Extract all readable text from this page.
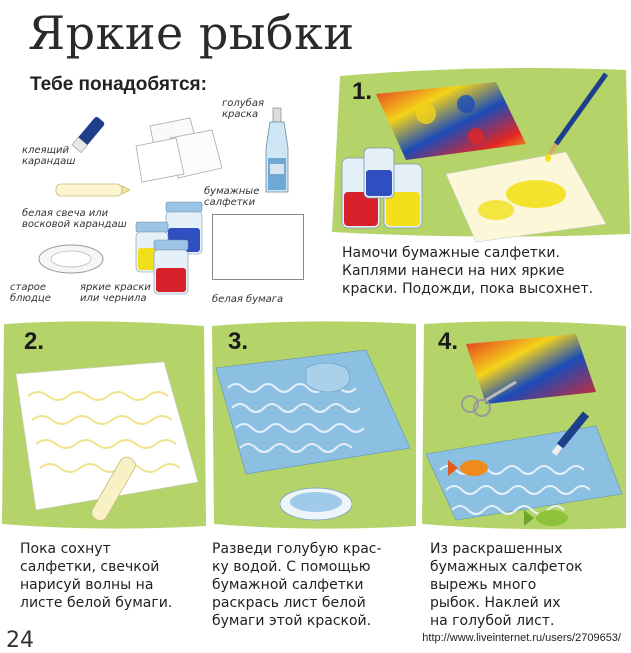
Яркие рыбки
Тебе понадобятся:
клеящий
карандаш
голубая
краска
бумажные
салфетки
белая свеча или
восковой карандаш
старое
блюдце
яркие краски
или чернила	белая бумага
1.
Намочи бумажные салфетки.
Каплями нанеси на них яркие
краски. Подожди, пока высохнет.
2.
Пока сохнут
салфетки, свечкой
нарисуй волны на
листе белой бумаги.
3.
Разведи голубую крас-
ку водой. С помощью
бумажной салфетки
раскрась лист белой
бумаги этой краской.
4.
Из раскрашенных
бумажных салфеток
вырежь много
рыбок. Наклей их
на голубой лист.
24	http://www.liveinternet.ru/users/2709653/
